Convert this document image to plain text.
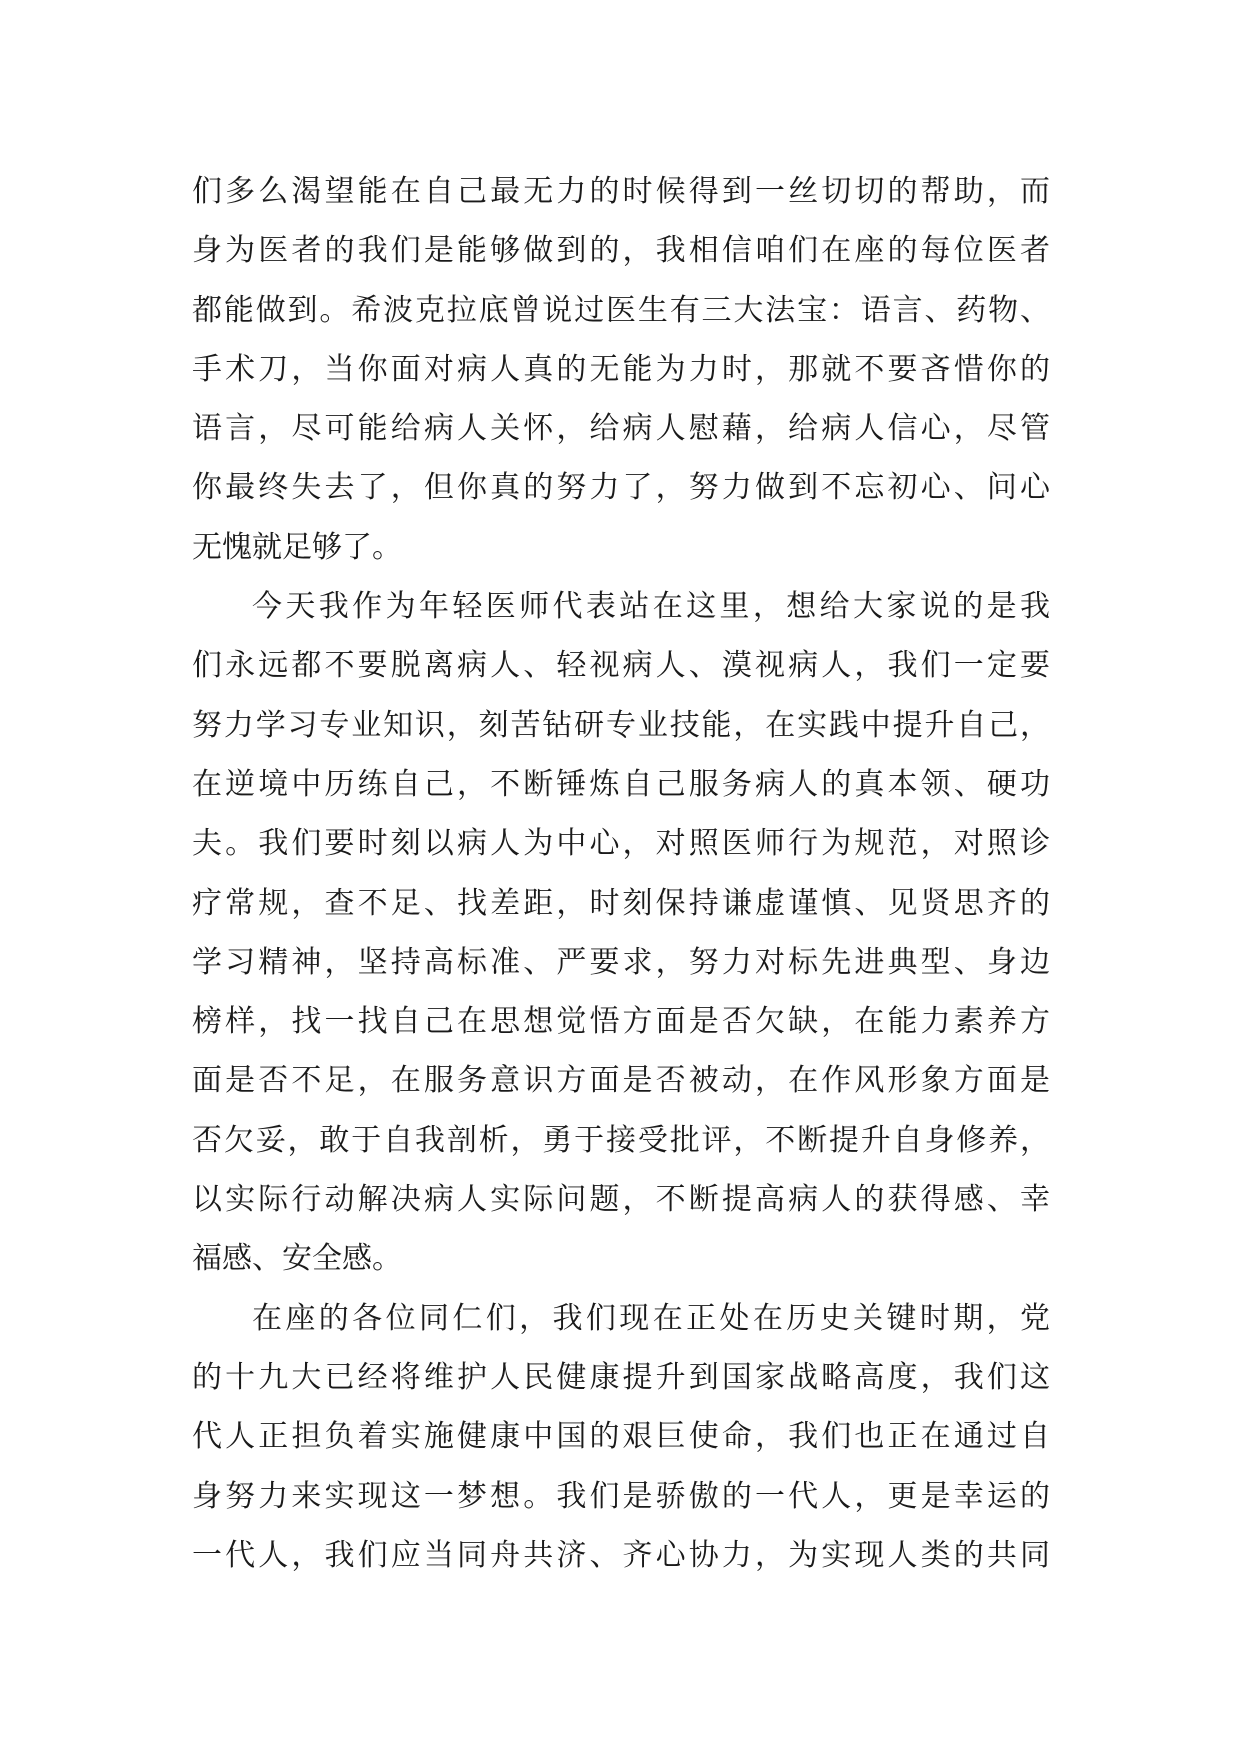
们多么渴望能在自己最无力的时候得到一丝切切的帮助，而
身为医者的我们是能够做到的，我相信咱们在座的每位医者
都能做到。希波克拉底曾说过医生有三大法宝：语言、药物、
手术刀，当你面对病人真的无能为力时，那就不要吝惜你的
语言，尽可能给病人关怀，给病人慰藉，给病人信心，尽管
你最终失去了，但你真的努力了，努力做到不忘初心、问心
无愧就足够了。
今天我作为年轻医师代表站在这里，想给大家说的是我
们永远都不要脱离病人、轻视病人、漠视病人，我们一定要
努力学习专业知识，刻苦钻研专业技能，在实践中提升自己，
在逆境中历练自己，不断锤炼自己服务病人的真本领、硬功
夫。我们要时刻以病人为中心，对照医师行为规范，对照诊
疗常规，查不足、找差距，时刻保持谦虚谨慎、见贤思齐的
学习精神，坚持高标准、严要求，努力对标先进典型、身边
榜样，找一找自己在思想觉悟方面是否欠缺，在能力素养方
面是否不足，在服务意识方面是否被动，在作风形象方面是
否欠妥，敢于自我剖析，勇于接受批评，不断提升自身修养，
以实际行动解决病人实际问题，不断提高病人的获得感、幸
福感、安全感。
在座的各位同仁们，我们现在正处在历史关键时期，党
的十九大已经将维护人民健康提升到国家战略高度，我们这
代人正担负着实施健康中国的艰巨使命，我们也正在通过自
身努力来实现这一梦想。我们是骄傲的一代人，更是幸运的
一代人，我们应当同舟共济、齐心协力，为实现人类的共同
